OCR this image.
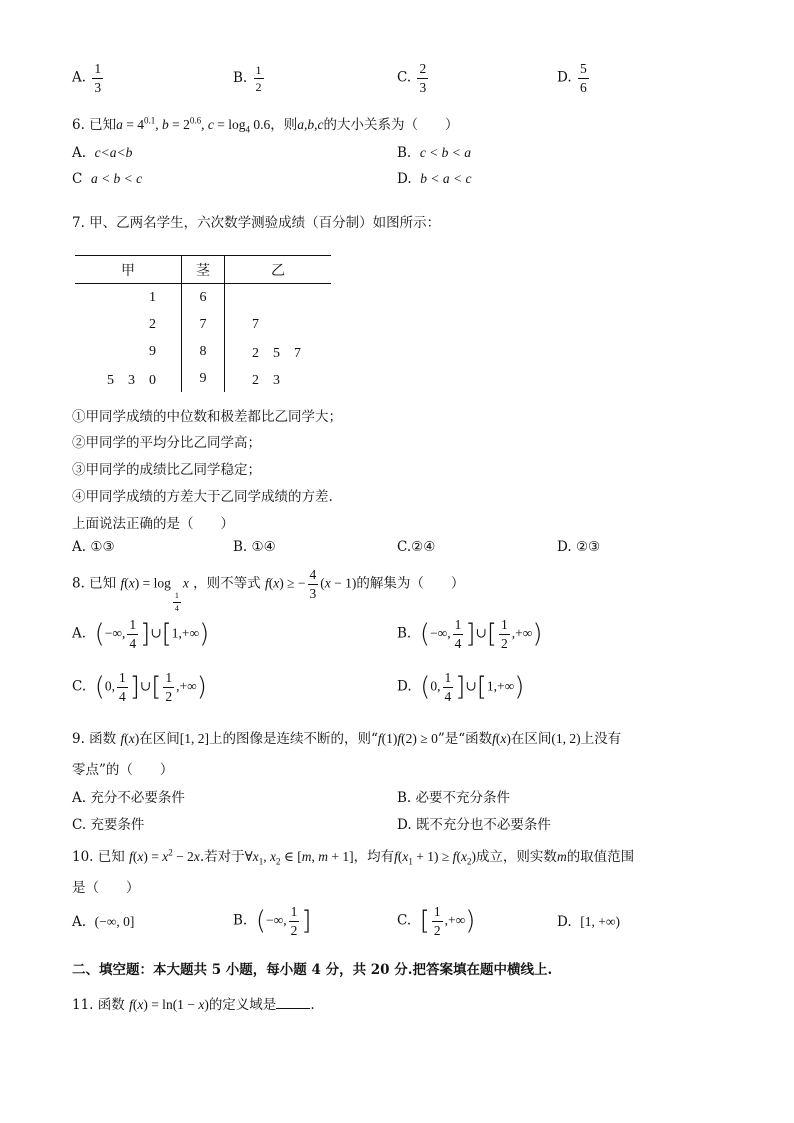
A. $\frac{1}{3}$	B. $\frac{1}{2}$	C. $\frac{2}{3}$	D. $\frac{5}{6}$
6. 已知$a = 4^{0.1}$, $b = 2^{0.6}$, $c = \log_4 0.6$，则a,b,c的大小关系为（　　）
A. c<a<b	B. c < b < a
C a < b < c	D. b < a < c
7. 甲、乙两名学生，六次数学测验成绩（百分制）如图所示：
甲	茎	乙
1	6	
2	7	7
9	8	2　5　7
5　3　0	9	2　3
①甲同学成绩的中位数和极差都比乙同学大；
②甲同学的平均分比乙同学高；
③甲同学的成绩比乙同学稳定；
④甲同学成绩的方差大于乙同学成绩的方差.
上面说法正确的是（　　）
A. ①③	B. ①④	C.②④	D. ②③
8. 已知 f(x) = log
$\frac{1}{4}$
x ，则不等式 f(x) ≥ − $\frac{4}{3} (x - 1)$的解集为（　　）
A. (−∞, $\frac{1}{4}$ ]∪[1,+∞)	B. (−∞, $\frac{1}{4}$ ]∪[ $\frac{1}{2}$ ,+∞)
C. (0, $\frac{1}{4}$ ]∪[ $\frac{1}{2}$ ,+∞)	D. (0, $\frac{1}{4}$ ]∪[1,+∞)
9. 函数 f(x)在区间[1, 2]上的图像是连续不断的，则“f(1)f(2) ≥ 0”是“函数f(x)在区间(1, 2)上没有
零点”的（　　）
A. 充分不必要条件	B. 必要不充分条件
C. 充要条件	D. 既不充分也不必要条件
10. 已知 $f(x) = x^2 - 2x$.若对于$\forall x_1$, $x_2$ ∈ [m, m + 1]，均有$f(x_1 + 1) \ge f(x_2)$成立，则实数m的取值范围
是（　　）
A. (−∞, 0]	B. (−∞, $\frac{1}{2}$ ]	C. [ $\frac{1}{2}$ ,+∞)	D. [1, +∞)
二、填空题：本大题共 5 小题，每小题 4 分，共 20 分.把答案填在题中横线上.
11. 函数 f(x) = ln(1 − x)的定义域是	.
